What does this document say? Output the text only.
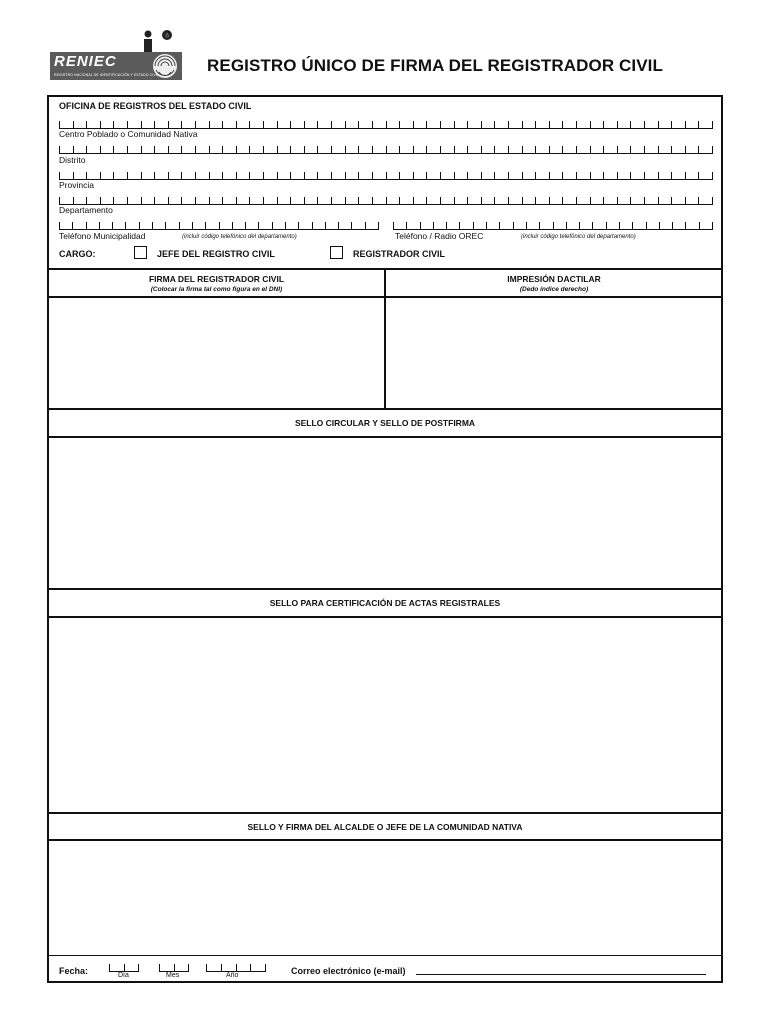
☃
RENIEC
REGISTRO NACIONAL DE IDENTIFICACIÓN Y ESTADO CIVIL	REGISTRO ÚNICO DE FIRMA DEL REGISTRADOR CIVIL
OFICINA DE REGISTROS DEL ESTADO CIVIL
Centro Poblado o Comunidad Nativa
Distrito
Provincia
Departamento
Teléfono Municipalidad	(incluir código telefónico del departamento)	Teléfono / Radio OREC	(incluir código telefónico del departamento)
CARGO:	JEFE DEL REGISTRO CIVIL	REGISTRADOR CIVIL
FIRMA DEL REGISTRADOR CIVIL
(Colocar la firma tal como figura en el DNI)
IMPRESIÓN DACTILAR
(Dedo índice derecho)
SELLO CIRCULAR Y SELLO DE POSTFIRMA
SELLO PARA CERTIFICACIÓN DE ACTAS REGISTRALES
SELLO Y FIRMA DEL ALCALDE O JEFE DE LA COMUNIDAD NATIVA
Fecha:	Día	Mes	Año	Correo electrónico (e-mail)
